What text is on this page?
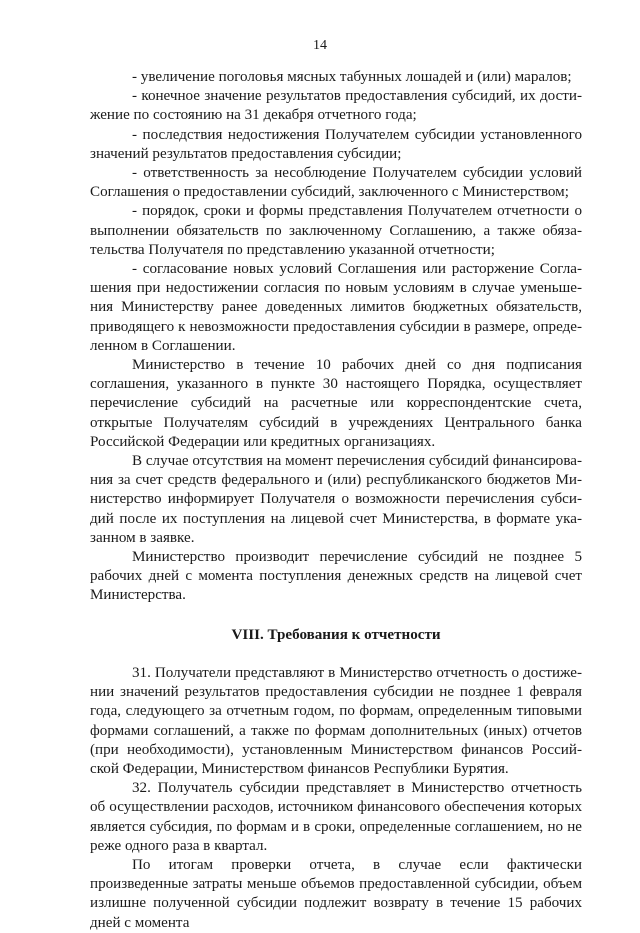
14

- увеличение поголовья мясных табунных лошадей и (или) маралов;

- конечное значение результатов предоставления субсидий, их достижение по состоянию на 31 декабря отчетного года;

- последствия недостижения Получателем субсидии установленного значений результатов предоставления субсидии;

- ответственность за несоблюдение Получателем субсидии условий Соглашения о предоставлении субсидий, заключенного с Министерством;

- порядок, сроки и формы представления Получателем отчетности о выполнении обязательств по заключенному Соглашению, а также обязательства Получателя по представлению указанной отчетности;

- согласование новых условий Соглашения или расторжение Соглашения при недостижении согласия по новым условиям в случае уменьшения Министерству ранее доведенных лимитов бюджетных обязательств, приводящего к невозможности предоставления субсидии в размере, определенном в Соглашении.

Министерство в течение 10 рабочих дней со дня подписания соглашения, указанного в пункте 30 настоящего Порядка, осуществляет перечисление субсидий на расчетные или корреспондентские счета, открытые Получателям субсидий в учреждениях Центрального банка Российской Федерации или кредитных организациях.

В случае отсутствия на момент перечисления субсидий финансирования за счет средств федерального и (или) республиканского бюджетов Министерство информирует Получателя о возможности перечисления субсидий после их поступления на лицевой счет Министерства, в формате указанном в заявке.

Министерство производит перечисление субсидий не позднее 5 рабочих дней с момента поступления денежных средств на лицевой счет Министерства.

VIII. Требования к отчетности

31. Получатели представляют в Министерство отчетность о достижении значений результатов предоставления субсидии не позднее 1 февраля года, следующего за отчетным годом, по формам, определенным типовыми формами соглашений, а также по формам дополнительных (иных) отчетов (при необходимости), установленным Министерством финансов Российской Федерации, Министерством финансов Республики Бурятия.

32. Получатель субсидии представляет в Министерство отчетность об осуществлении расходов, источником финансового обеспечения которых является субсидия, по формам и в сроки, определенные соглашением, но не реже одного раза в квартал.

По итогам проверки отчета, в случае если фактически произведенные затраты меньше объемов предоставленной субсидии, объем излишне полученной субсидии подлежит возврату в течение 15 рабочих дней с момента
